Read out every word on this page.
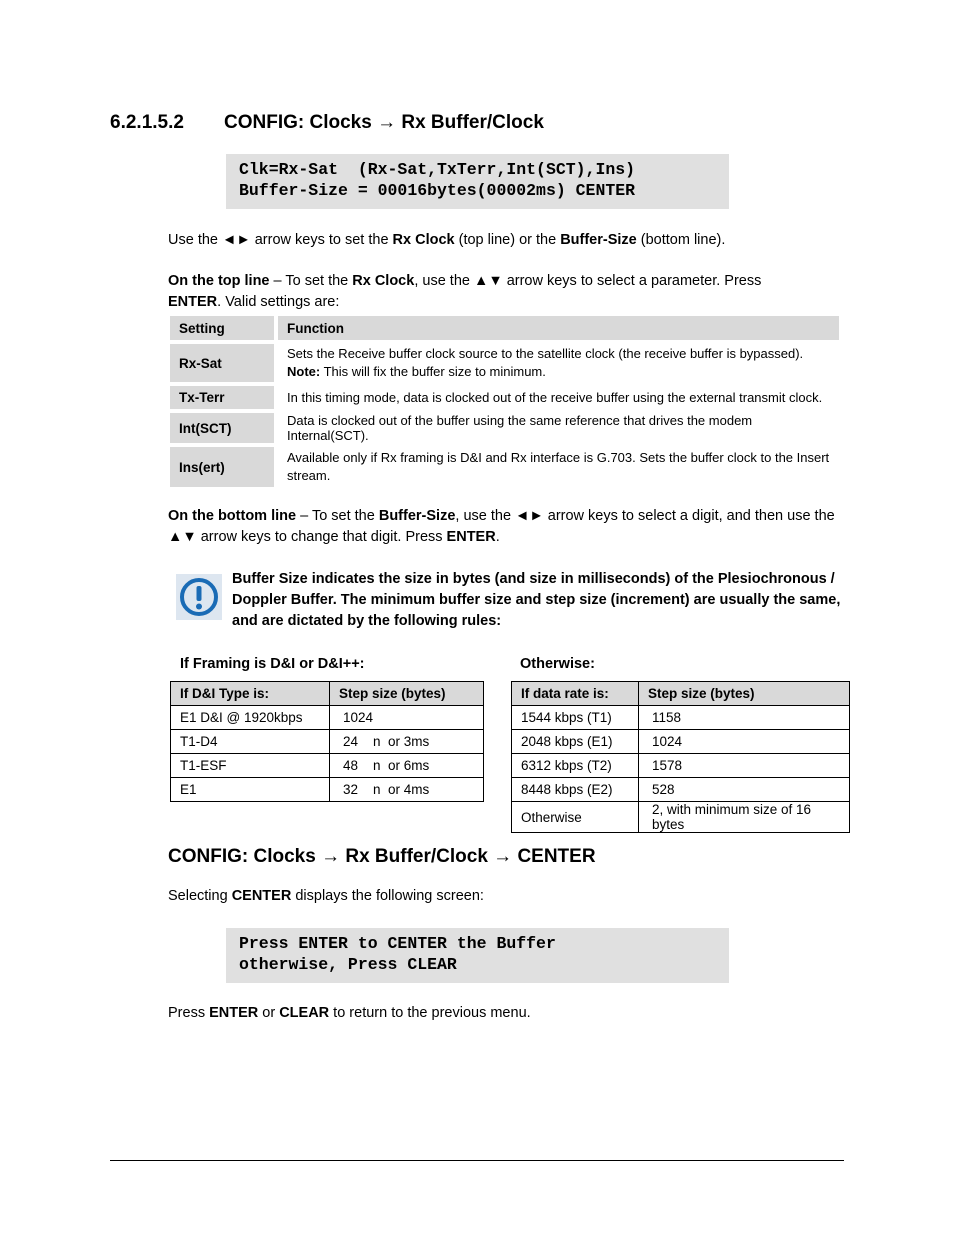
6.2.1.5.2 CONFIG: Clocks → Rx Buffer/Clock
Clk=Rx-Sat  (Rx-Sat,TxTerr,Int(SCT),Ins)
Buffer-Size = 00016bytes(00002ms) CENTER
Use the ◄► arrow keys to set the Rx Clock (top line) or the Buffer-Size (bottom line).
On the top line – To set the Rx Clock, use the ▲▼ arrow keys to select a parameter. Press
ENTER. Valid settings are:
Setting	Function

Rx-Sat	Sets the Receive buffer clock source to the satellite clock (the receive buffer is bypassed).
Note: This will fix the buffer size to minimum.

Tx-Terr	In this timing mode, data is clocked out of the receive buffer using the external transmit clock.

Int(SCT)	Data is clocked out of the buffer using the same reference that drives the modem Internal(SCT).

Ins(ert)	Available only if Rx framing is D&I and Rx interface is G.703. Sets the buffer clock to the Insert stream.
On the bottom line – To set the Buffer-Size, use the ◄► arrow keys to select a digit, and then use the ▲▼ arrow keys to change that digit. Press ENTER.
Buffer Size indicates the size in bytes (and size in milliseconds) of the Plesiochronous / Doppler Buffer. The minimum buffer size and step size (increment) are usually the same, and are dictated by the following rules:
If Framing is D&I or D&I++:	Otherwise:
If D&I Type is:	Step size (bytes)
E1 D&I @ 1920kbps	1024
T1-D4	24    n  or 3ms
T1-ESF	48    n  or 6ms
E1	32    n  or 4ms
If data rate is:	Step size (bytes)
1544 kbps (T1)	1158
2048 kbps (E1)	1024
6312 kbps (T2)	1578
8448 kbps (E2)	528
Otherwise	2, with minimum size of 16 bytes
CONFIG: Clocks → Rx Buffer/Clock → CENTER
Selecting CENTER displays the following screen:
Press ENTER to CENTER the Buffer
otherwise, Press CLEAR
Press ENTER or CLEAR to return to the previous menu.
